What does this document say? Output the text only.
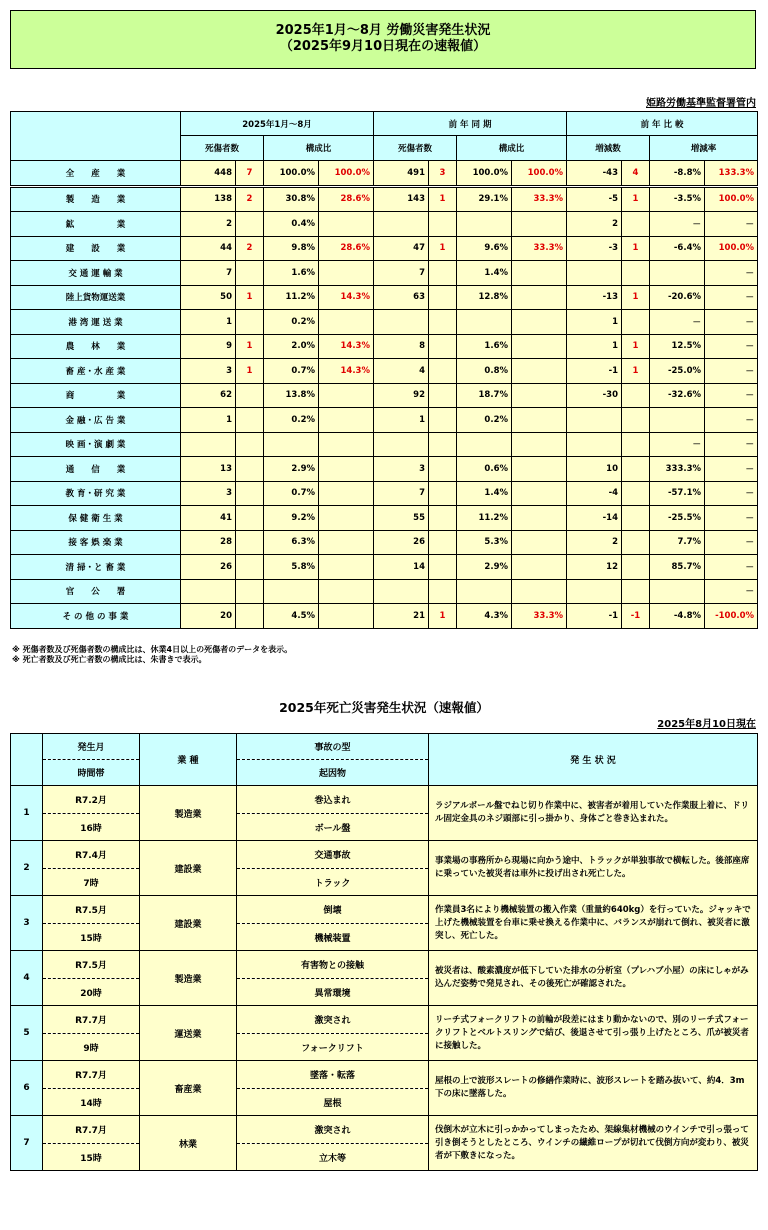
2025年1月～8月 労働災害発生状況
（2025年9月10日現在の速報値）
姫路労働基準監督署管内
	2025年1月～8月				前 年 同 期				前 年 比 較			
	死傷者数		構成比		死傷者数		構成比		増減数		増減率	
全　　産　　業	448	7	100.0%	100.0%	491	3	100.0%	100.0%	-43	4	-8.8%	133.3%
製　　造　　業	138	2	30.8%	28.6%	143	1	29.1%	33.3%	-5	1	-3.5%	100.0%
鉱　　　　　業	2		0.4%						2		－	－
建　　設　　業	44	2	9.8%	28.6%	47	1	9.6%	33.3%	-3	1	-6.4%	100.0%
交 通 運 輸 業	7		1.6%		7		1.4%					－
陸上貨物運送業	50	1	11.2%	14.3%	63		12.8%		-13	1	-20.6%	－
港 湾 運 送 業	1		0.2%						1		－	－
農　　林　　業	9	1	2.0%	14.3%	8		1.6%		1	1	12.5%	－
畜 産・水 産 業	3	1	0.7%	14.3%	4		0.8%		-1	1	-25.0%	－
商　　　　　業	62		13.8%		92		18.7%		-30		-32.6%	－
金 融・広 告 業	1		0.2%		1		0.2%					－
映 画・演 劇 業											－	－
通　　信　　業	13		2.9%		3		0.6%		10		333.3%	－
教 育・研 究 業	3		0.7%		7		1.4%		-4		-57.1%	－
保 健 衛 生 業	41		9.2%		55		11.2%		-14		-25.5%	－
接 客 娯 楽 業	28		6.3%		26		5.3%		2		7.7%	－
清 掃・と 畜 業	26		5.8%		14		2.9%		12		85.7%	－
官　　公　　署												－
そ の 他 の 事 業	20		4.5%		21	1	4.3%	33.3%	-1	-1	-4.8%	-100.0%
※ 死傷者数及び死傷者数の構成比は、休業4日以上の死傷者のデータを表示。
※ 死亡者数及び死亡者数の構成比は、朱書きで表示。
2025年死亡災害発生状況（速報値）
2025年8月10日現在
	発生月	業 種	事故の型	発 生 状 況
	時間帯		起因物	
1	R7.2月	製造業	巻込まれ	ラジアルボール盤でねじ切り作業中に、被害者が着用していた作業服上着に、ドリル固定金具のネジ頭部に引っ掛かり、身体ごと巻き込まれた。
	16時		ボール盤	
2	R7.4月	建設業	交通事故	事業場の事務所から現場に向かう途中、トラックが単独事故で横転した。後部座席に乗っていた被災者は車外に投げ出され死亡した。
	7時		トラック	
3	R7.5月	建設業	倒壊	作業員3名により機械装置の搬入作業（重量約640kg）を行っていた。ジャッキで上げた機械装置を台車に乗せ換える作業中に、バランスが崩れて倒れ、被災者に激突し、死亡した。
	15時		機械装置	
4	R7.5月	製造業	有害物との接触	被災者は、酸素濃度が低下していた排水の分析室（プレハブ小屋）の床にしゃがみ込んだ姿勢で発見され、その後死亡が確認された。
	20時		異常環境	
5	R7.7月	運送業	激突され	リーチ式フォークリフトの前輪が段差にはまり動かないので、別のリーチ式フォークリフトとベルトスリングで結び、後退させて引っ張り上げたところ、爪が被災者に接触した。
	9時		フォークリフト	
6	R7.7月	畜産業	墜落・転落	屋根の上で波形スレートの修繕作業時に、波形スレートを踏み抜いて、約4．3m下の床に墜落した。
	14時		屋根	
7	R7.7月	林業	激突され	伐倒木が立木に引っかかってしまったため、架線集材機械のウインチで引っ張って引き倒そうとしたところ、ウインチの繊維ロープが切れて伐倒方向が変わり、被災者が下敷きになった。
	15時		立木等	
